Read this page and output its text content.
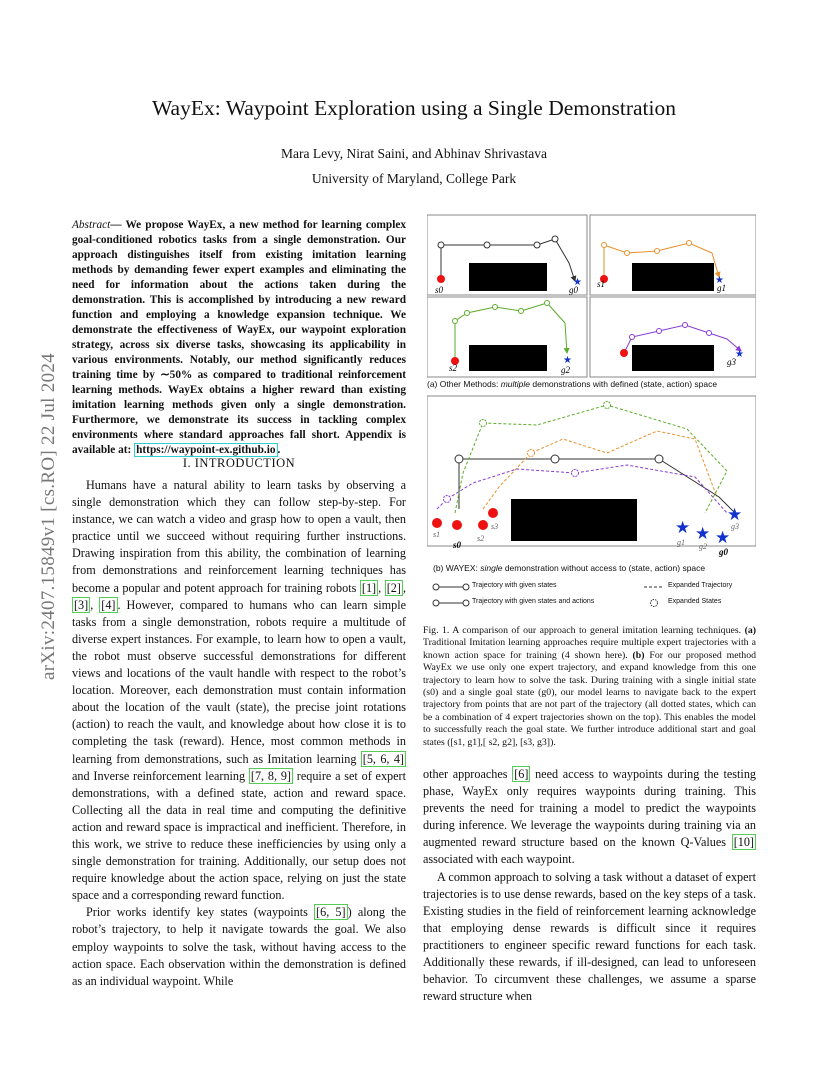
WayEx: Waypoint Exploration using a Single Demonstration
Mara Levy, Nirat Saini, and Abhinav Shrivastava
University of Maryland, College Park
arXiv:2407.15849v1 [cs.RO] 22 Jul 2024
Abstract— We propose WayEx, a new method for learning complex goal-conditioned robotics tasks from a single demonstration. Our approach distinguishes itself from existing imitation learning methods by demanding fewer expert examples and eliminating the need for information about the actions taken during the demonstration. This is accomplished by introducing a new reward function and employing a knowledge expansion technique. We demonstrate the effectiveness of WayEx, our waypoint exploration strategy, across six diverse tasks, showcasing its applicability in various environments. Notably, our method significantly reduces training time by ∼50% as compared to traditional reinforcement learning methods. WayEx obtains a higher reward than existing imitation learning methods given only a single demonstration. Furthermore, we demonstrate its success in tackling complex environments where standard approaches fall short. Appendix is available at: https://waypoint-ex.github.io .
I. INTRODUCTION

Humans have a natural ability to learn tasks by observing a single demonstration which they can follow step-by-step. For instance, we can watch a video and grasp how to open a vault, then practice until we succeed without requiring further instructions. Drawing inspiration from this ability, the combination of learning from demonstrations and reinforcement learning techniques has become a popular and potent approach for training robots [1] , [2] , [3] , [4] . However, compared to humans who can learn simple tasks from a single demonstration, robots require a multitude of diverse expert instances. For example, to learn how to open a vault, the robot must observe successful demonstrations for different views and locations of the vault handle with respect to the robot’s location. Moreover, each demonstration must contain information about the location of the vault (state), the precise joint rotations (action) to reach the vault, and knowledge about how close it is to completing the task (reward). Hence, most common methods in learning from demonstrations, such as Imitation learning [5, 6, 4] and Inverse reinforcement learning [7, 8, 9] require a set of expert demonstrations, with a defined state, action and reward space. Collecting all the data in real time and computing the definitive action and reward space is impractical and inefficient. Therefore, in this work, we strive to reduce these inefficiencies by using only a single demonstration for training. Additionally, our setup does not require knowledge about the action space, relying on just the state space and a corresponding reward function.

Prior works identify key states (waypoints [6, 5] ) along the robot’s trajectory, to help it navigate towards the goal. We also employ waypoints to solve the task, without having access to the action space. Each observation within the demonstration is defined as an individual waypoint. While

★	★
★
★
s0	g0
s1	g1
s2	g2
g3
★ ★ ★
★
s1
s0
s2
s3
g1 g2
g0
g3
(a) Other Methods: multiple demonstrations with defined (state, action) space
(b) WAYEX: single demonstration without access to (state, action) space
Trajectory with given states
Trajectory with given states and actions
Expanded Trajectory
Expanded States
Fig. 1. A comparison of our approach to general imitation learning techniques. (a) Traditional Imitation learning approaches require multiple expert trajectories with a known action space for training (4 shown here). (b) For our proposed method WayEx we use only one expert trajectory, and expand knowledge from this one trajectory to learn how to solve the task. During training with a single initial state (s0) and a single goal state (g0), our model learns to navigate back to the expert trajectory from points that are not part of the trajectory (all dotted states, which can be a combination of 4 expert trajectories shown on the top). This enables the model to successfully reach the goal state. We further introduce additional start and goal states ([s1, g1],[ s2, g2], [s3, g3]).

other approaches [6] need access to waypoints during the testing phase, WayEx only requires waypoints during training. This prevents the need for training a model to predict the waypoints during inference. We leverage the waypoints during training via an augmented reward structure based on the known Q-Values [10] associated with each waypoint.

A common approach to solving a task without a dataset of expert trajectories is to use dense rewards, based on the key steps of a task. Existing studies in the field of reinforcement learning acknowledge that employing dense rewards is difficult since it requires practitioners to engineer specific reward functions for each task. Additionally these rewards, if ill-designed, can lead to unforeseen behavior. To circumvent these challenges, we assume a sparse reward structure when
